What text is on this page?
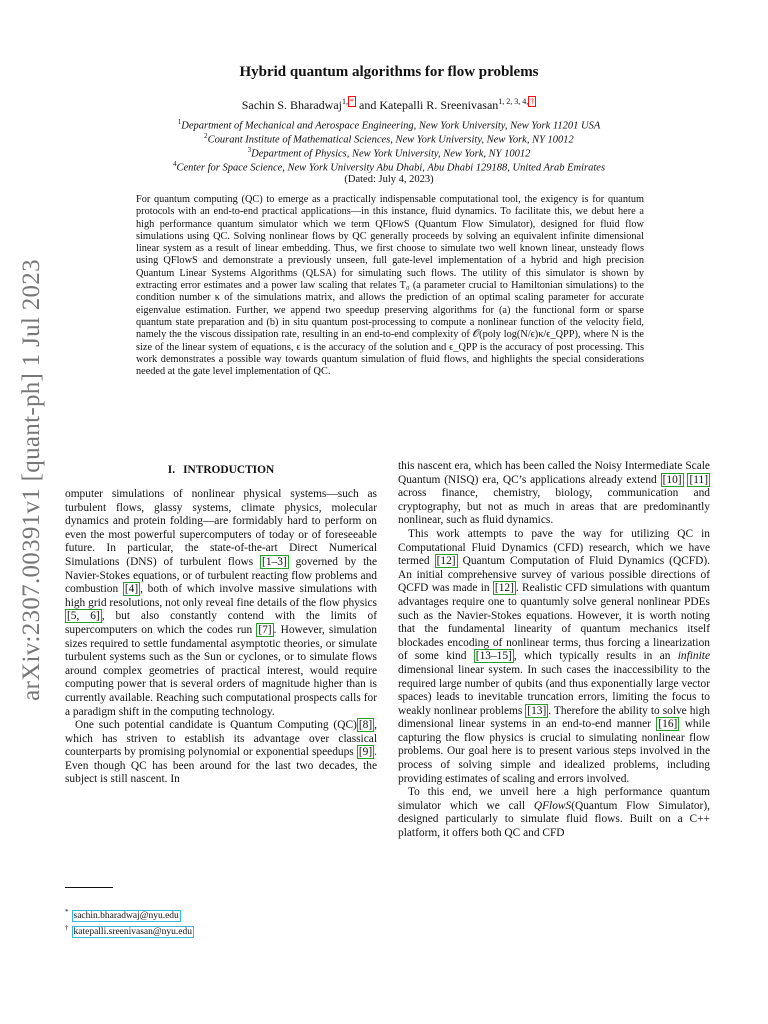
arXiv:2307.00391v1 [quant-ph] 1 Jul 2023
Hybrid quantum algorithms for flow problems
Sachin S. Bharadwaj$^{1,}$ * and Katepalli R. Sreenivasan$^{1, 2, 3, 4,}$ †
$^1$Department of Mechanical and Aerospace Engineering, New York University, New York 11201 USA
$^2$Courant Institute of Mathematical Sciences, New York University, New York, NY 10012
$^3$Department of Physics, New York University, New York, NY 10012
$^4$Center for Space Science, New York University Abu Dhabi, Abu Dhabi 129188, United Arab Emirates
(Dated: July 4, 2023)
For quantum computing (QC) to emerge as a practically indispensable computational tool, the exigency is for quantum protocols with an end-to-end practical applications—in this instance, fluid dynamics. To facilitate this, we debut here a high performance quantum simulator which we term QFlowS (Quantum Flow Simulator), designed for fluid flow simulations using QC. Solving nonlinear flows by QC generally proceeds by solving an equivalent infinite dimensional linear system as a result of linear embedding. Thus, we first choose to simulate two well known linear, unsteady flows using QFlowS and demonstrate a previously unseen, full gate-level implementation of a hybrid and high precision Quantum Linear Systems Algorithms (QLSA) for simulating such flows. The utility of this simulator is shown by extracting error estimates and a power law scaling that relates T₀ (a parameter crucial to Hamiltonian simulations) to the condition number κ of the simulations matrix, and allows the prediction of an optimal scaling parameter for accurate eigenvalue estimation. Further, we append two speedup preserving algorithms for (a) the functional form or sparse quantum state preparation and (b) in situ quantum post-processing to compute a nonlinear function of the velocity field, namely the the viscous dissipation rate, resulting in an end-to-end complexity of 𝒪(poly log(N/ϵ)κ/ϵ_QPP), where N is the size of the linear system of equations, ϵ is the accuracy of the solution and ϵ_QPP is the accuracy of post processing. This work demonstrates a possible way towards quantum simulation of fluid flows, and highlights the special considerations needed at the gate level implementation of QC.
I. INTRODUCTION

omputer simulations of nonlinear physical systems—such as turbulent flows, glassy systems, climate physics, molecular dynamics and protein folding—are formidably hard to perform on even the most powerful supercomputers of today or of foreseeable future. In particular, the state-of-the-art Direct Numerical Simulations (DNS) of turbulent flows [1–3] governed by the Navier-Stokes equations, or of turbulent reacting flow problems and combustion [4] , both of which involve massive simulations with high grid resolutions, not only reveal fine details of the flow physics [5, 6] , but also constantly contend with the limits of supercomputers on which the codes run [7] . However, simulation sizes required to settle fundamental asymptotic theories, or simulate turbulent systems such as the Sun or cyclones, or to simulate flows around complex geometries of practical interest, would require computing power that is several orders of magnitude higher than is currently available. Reaching such computational prospects calls for a paradigm shift in the computing technology.

One such potential candidate is Quantum Computing (QC) [8] , which has striven to establish its advantage over classical counterparts by promising polynomial or exponential speedups [9] . Even though QC has been around for the last two decades, the subject is still nascent. In

this nascent era, which has been called the Noisy Intermediate Scale Quantum (NISQ) era, QC’s applications already extend [10] [11] across finance, chemistry, biology, communication and cryptography, but not as much in areas that are predominantly nonlinear, such as fluid dynamics.

This work attempts to pave the way for utilizing QC in Computational Fluid Dynamics (CFD) research, which we have termed [12] Quantum Computation of Fluid Dynamics (QCFD). An initial comprehensive survey of various possible directions of QCFD was made in [12] . Realistic CFD simulations with quantum advantages require one to quantumly solve general nonlinear PDEs such as the Navier-Stokes equations. However, it is worth noting that the fundamental linearity of quantum mechanics itself blockades encoding of nonlinear terms, thus forcing a linearization of some kind [13–15] , which typically results in an infinite dimensional linear system. In such cases the inaccessibility to the required large number of qubits (and thus exponentially large vector spaces) leads to inevitable truncation errors, limiting the focus to weakly nonlinear problems [13] . Therefore the ability to solve high dimensional linear systems in an end-to-end manner [16] while capturing the flow physics is crucial to simulating nonlinear flow problems. Our goal here is to present various steps involved in the process of solving simple and idealized problems, including providing estimates of scaling and errors involved.

To this end, we unveil here a high performance quantum simulator which we call QFlowS(Quantum Flow Simulator), designed particularly to simulate fluid flows. Built on a C++ platform, it offers both QC and CFD

* sachin.bharadwaj@nyu.edu
† katepalli.sreenivasan@nyu.edu
